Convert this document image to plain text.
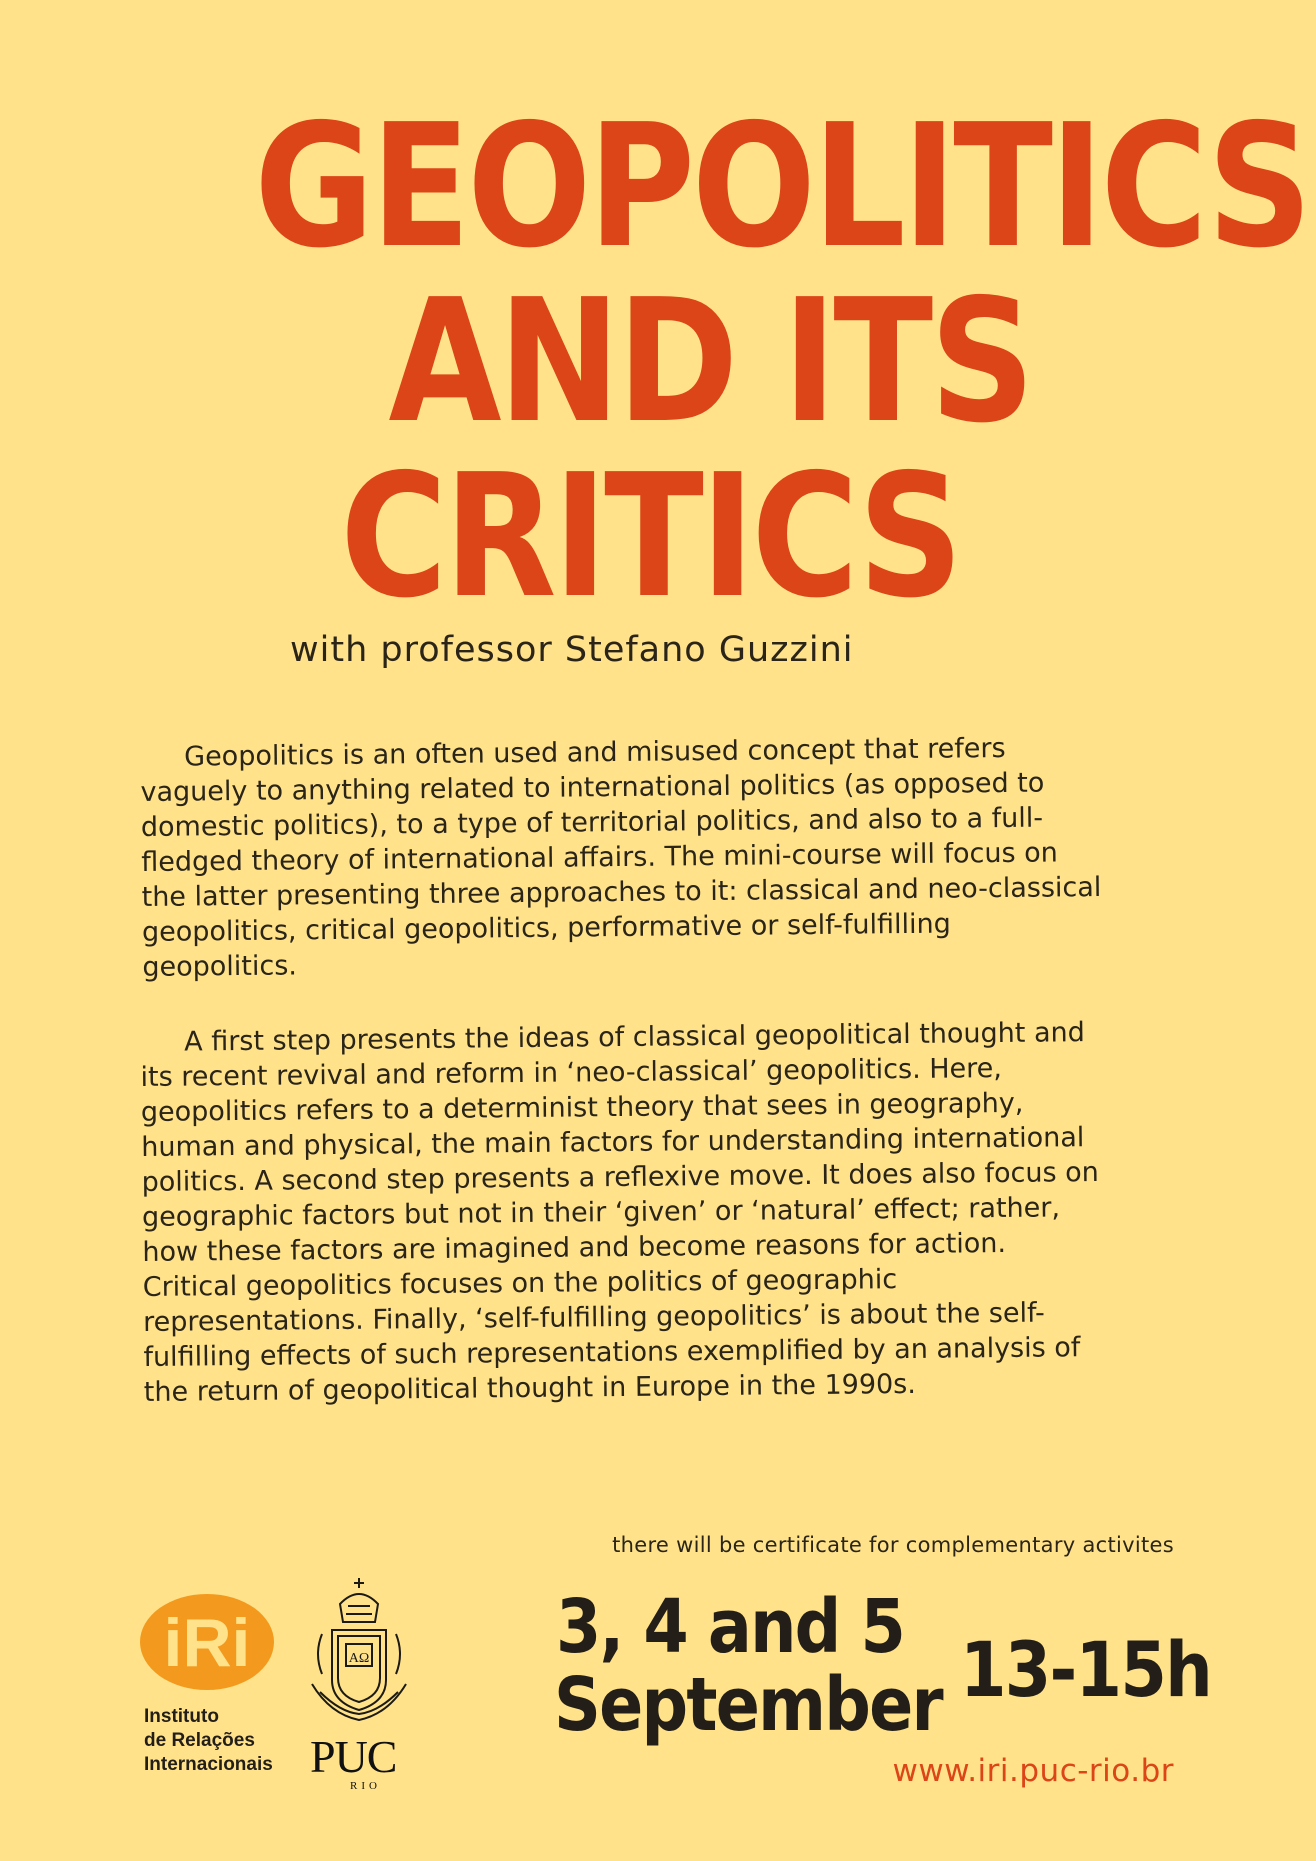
GEOPOLITICS
AND ITS
CRITICS
with professor Stefano Guzzini
Geopolitics is an often used and misused concept that refers vaguely to anything related to international politics (as opposed to domestic politics), to a type of territorial politics, and also to a full-fledged theory of international affairs. The mini-course will focus on the latter presenting three approaches to it: classical and neo-classical geopolitics, critical geopolitics, performative or self-fulfilling geopolitics.
A first step presents the ideas of classical geopolitical thought and its recent revival and reform in ‘neo-classical’ geopolitics. Here, geopolitics refers to a determinist theory that sees in geography, human and physical, the main factors for understanding international politics. A second step presents a reflexive move. It does also focus on geographic factors but not in their ‘given’ or ‘natural’ effect; rather, how these factors are imagined and become reasons for action. Critical geopolitics focuses on the politics of geographic representations. Finally, ‘self-fulfilling geopolitics’ is about the self-fulfilling effects of such representations exemplified by an analysis of the return of geopolitical thought in Europe in the 1990s.
there will be certificate for complementary activites
iRi
Instituto
de Relações
Internacionais
ΑΩ
PUC
RIO
3, 4 and 5
September 13-15h
www.iri.puc-rio.br
